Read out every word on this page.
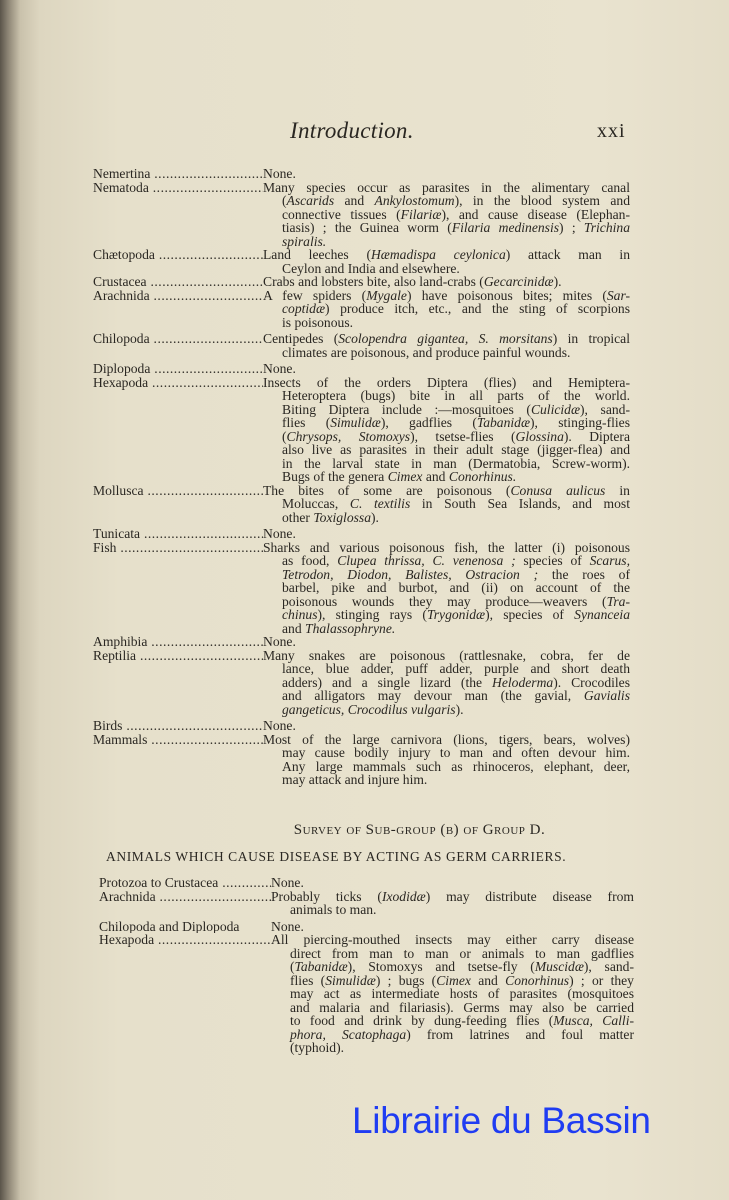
Introduction.	xxi
Nemertina .....	None.
Nematoda .....	Many species occur as parasites in the alimentary canal
(Ascarids and Ankylostomum), in the blood system and
connective tissues (Filariæ), and cause disease (Elephan-
tiasis) ; the Guinea worm (Filaria medinensis) ; Trichina
spiralis.
Chætopoda .....	Land leeches (Hæmadispa ceylonica) attack man in
Ceylon and India and elsewhere.
Crustacea .....	Crabs and lobsters bite, also land-crabs (Gecarcinidæ).
Arachnida .....	A few spiders (Mygale) have poisonous bites; mites (Sar-
coptidæ) produce itch, etc., and the sting of scorpions
is poisonous.
Chilopoda .....	Centipedes (Scolopendra gigantea, S. morsitans) in tropical
climates are poisonous, and produce painful wounds.
Diplopoda .....	None.
Hexapoda .....	Insects of the orders Diptera (flies) and Hemiptera-
Heteroptera (bugs) bite in all parts of the world.
Biting Diptera include :—mosquitoes (Culicidæ), sand-
flies (Simulidæ), gadflies (Tabanidæ), stinging-flies
(Chrysops, Stomoxys), tsetse-flies (Glossina). Diptera
also live as parasites in their adult stage (jigger-flea) and
in the larval state in man (Dermatobia, Screw-worm).
Bugs of the genera Cimex and Conorhinus.
Mollusca .....	The bites of some are poisonous (Conusa aulicus in
Moluccas, C. textilis in South Sea Islands, and most
other Toxiglossa).
Tunicata .....	None.
Fish .....	Sharks and various poisonous fish, the latter (i) poisonous
as food, Clupea thrissa, C. venenosa ; species of Scarus,
Tetrodon, Diodon, Balistes, Ostracion ; the roes of
barbel, pike and burbot, and (ii) on account of the
poisonous wounds they may produce—weavers (Tra-
chinus), stinging rays (Trygonidæ), species of Synanceia
and Thalassophryne.
Amphibia .....	None.
Reptilia .....	Many snakes are poisonous (rattlesnake, cobra, fer de
lance, blue adder, puff adder, purple and short death
adders) and a single lizard (the Heloderma). Crocodiles
and alligators may devour man (the gavial, Gavialis
gangeticus, Crocodilus vulgaris).
Birds .....	None.
Mammals .....	Most of the large carnivora (lions, tigers, bears, wolves)
may cause bodily injury to man and often devour him.
Any large mammals such as rhinoceros, elephant, deer,
may attack and injure him.
Survey of Sub-group (b) of Group D.
ANIMALS WHICH CAUSE DISEASE BY ACTING AS GERM CARRIERS.
Protozoa to Crustacea .....	None.
Arachnida .....	Probably ticks (Ixodidæ) may distribute disease from
animals to man.
Chilopoda and Diplopoda	None.
Hexapoda .....	All piercing-mouthed insects may either carry disease
direct from man to man or animals to man gadflies
(Tabanidæ), Stomoxys and tsetse-fly (Muscidæ), sand-
flies (Simulidæ) ; bugs (Cimex and Conorhinus) ; or they
may act as intermediate hosts of parasites (mosquitoes
and malaria and filariasis). Germs may also be carried
to food and drink by dung-feeding flies (Musca, Calli-
phora, Scatophaga) from latrines and foul matter
(typhoid).
Librairie du Bassin
